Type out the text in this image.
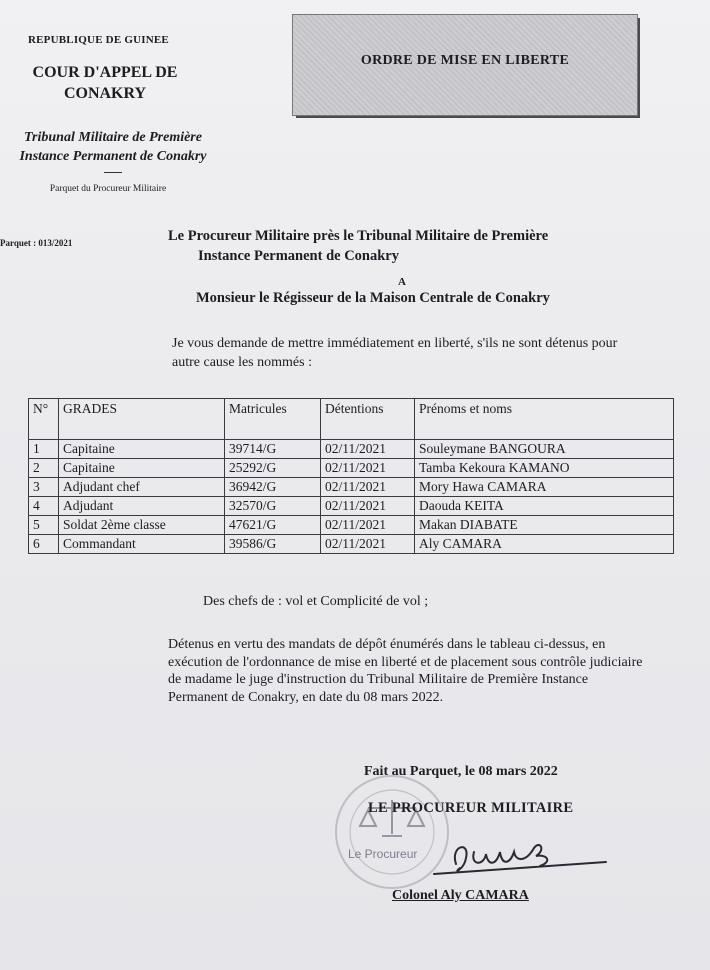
REPUBLIQUE DE GUINEE
COUR D'APPEL DE
CONAKRY
Tribunal Militaire de Première
Instance Permanent de Conakry
Parquet du Procureur Militaire
Parquet : 013/2021
ORDRE DE MISE EN LIBERTE
Le Procureur Militaire près le Tribunal Militaire de Première
Instance Permanent de Conakry
A
Monsieur le Régisseur de la Maison Centrale de Conakry
Je vous demande de mettre immédiatement en liberté, s'ils ne sont détenus pour autre cause les nommés :
N°	GRADES	Matricules	Détentions	Prénoms et noms
1	Capitaine	39714/G	02/11/2021	Souleymane BANGOURA
2	Capitaine	25292/G	02/11/2021	Tamba Kekoura KAMANO
3	Adjudant chef	36942/G	02/11/2021	Mory Hawa CAMARA
4	Adjudant	32570/G	02/11/2021	Daouda KEITA
5	Soldat 2ème classe	47621/G	02/11/2021	Makan DIABATE
6	Commandant	39586/G	02/11/2021	Aly CAMARA
Des chefs de : vol et Complicité de vol ;
Détenus en vertu des mandats de dépôt énumérés dans le tableau ci-dessus, en exécution de l'ordonnance de mise en liberté et de placement sous contrôle judiciaire de madame le juge d'instruction du Tribunal Militaire de Première Instance Permanent de Conakry, en date du 08 mars 2022.
Le Procureur
Fait au Parquet, le 08 mars 2022
LE PROCUREUR MILITAIRE
Colonel Aly CAMARA
